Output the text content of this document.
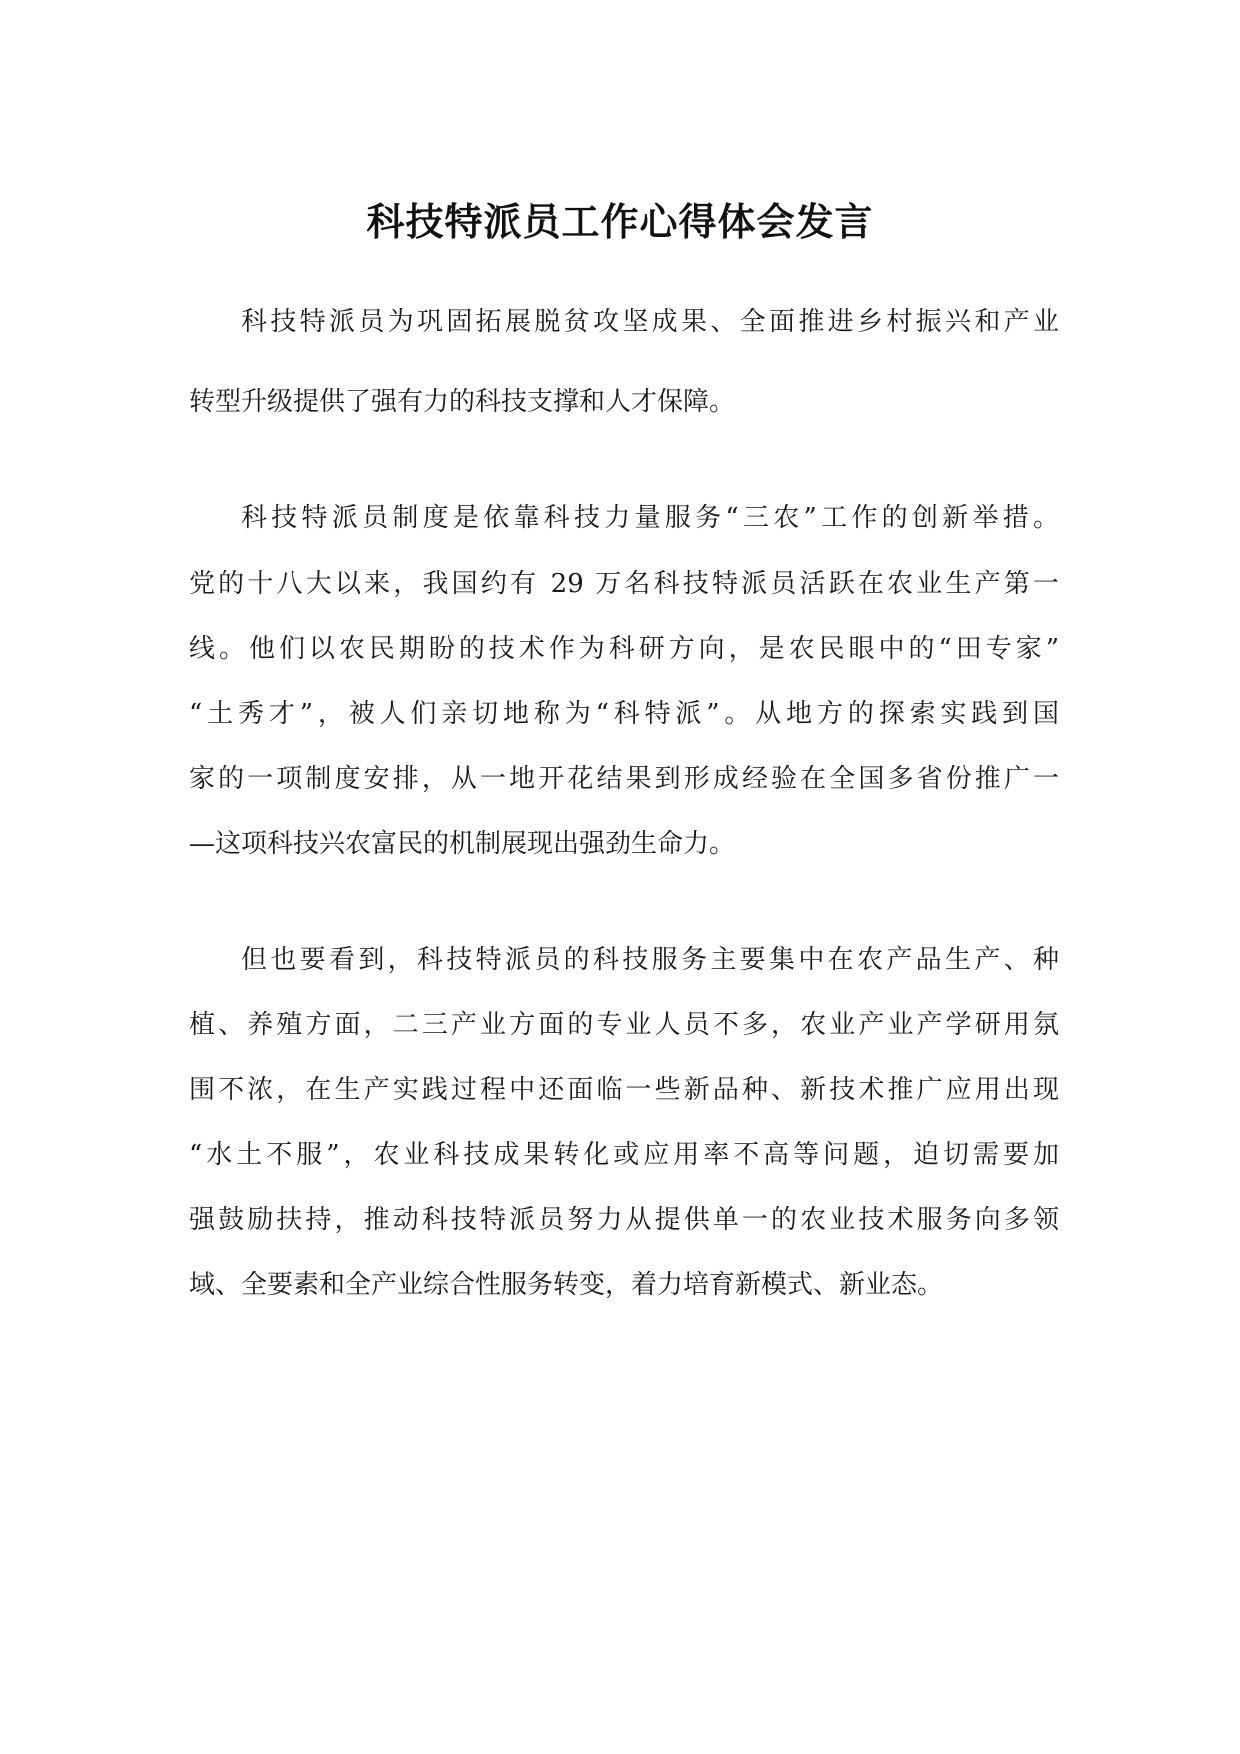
科技特派员工作心得体会发言

科技特派员为巩固拓展脱贫攻坚成果、全面推进乡村振兴和产业

转型升级提供了强有力的科技支撑和人才保障。

科技特派员制度是依靠科技力量服务“三农”工作的创新举措。

党的十八大以来，我国约有 29 万名科技特派员活跃在农业生产第一

线。他们以农民期盼的技术作为科研方向，是农民眼中的“田专家”

“土秀才”，被人们亲切地称为“科特派”。从地方的探索实践到国

家的一项制度安排，从一地开花结果到形成经验在全国多省份推广一

—这项科技兴农富民的机制展现出强劲生命力。

但也要看到，科技特派员的科技服务主要集中在农产品生产、种

植、养殖方面，二三产业方面的专业人员不多，农业产业产学研用氛

围不浓，在生产实践过程中还面临一些新品种、新技术推广应用出现

“水土不服”，农业科技成果转化或应用率不高等问题，迫切需要加

强鼓励扶持，推动科技特派员努力从提供单一的农业技术服务向多领

域、全要素和全产业综合性服务转变，着力培育新模式、新业态。
